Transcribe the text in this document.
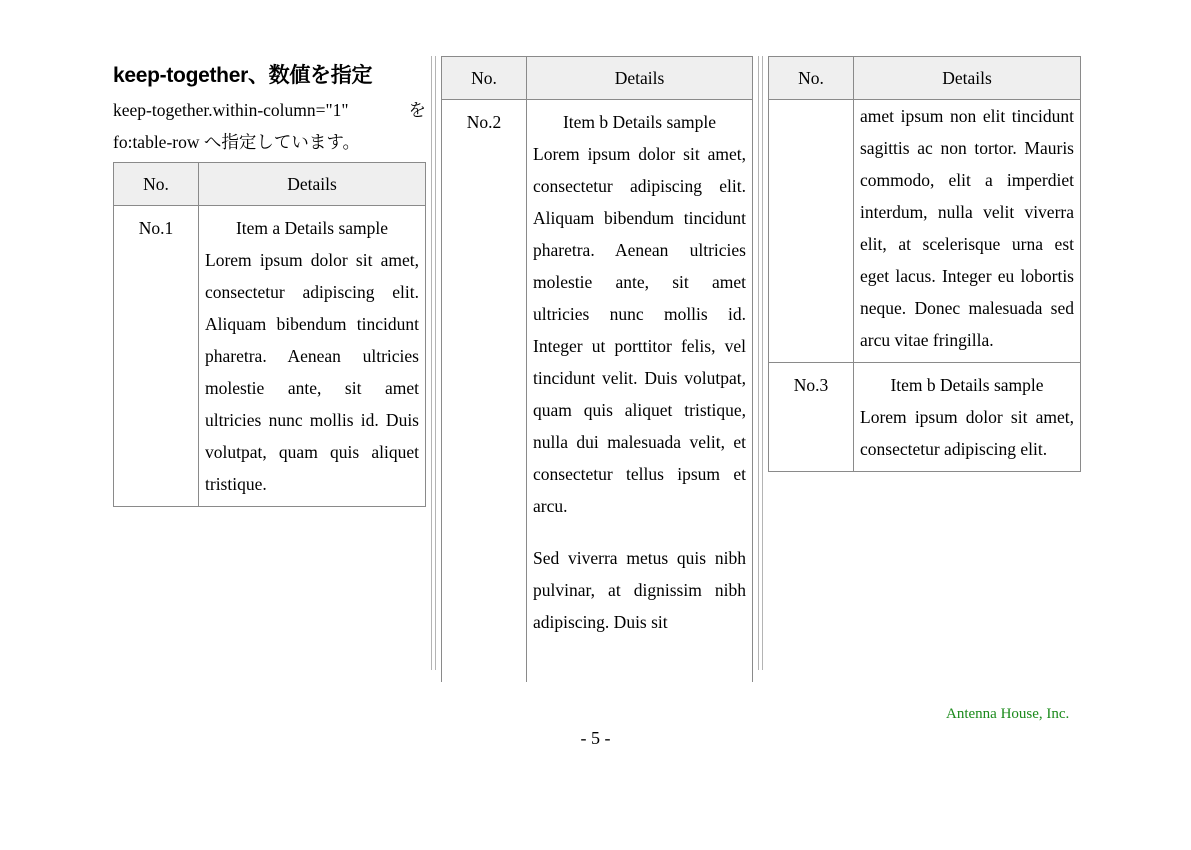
keep-together、数値を指定
keep-together.within-column="1"	を
fo:table-row へ指定しています。
No.	Details
No.1	Item a Details sample

Lorem ipsum dolor sit amet, consectetur adipiscing elit. Aliquam bibendum tincidunt pharetra. Aenean ultricies molestie ante, sit amet ultricies nunc mollis id. Duis volutpat, quam quis aliquet tristique.

No.	Details
No.2	Item b Details sample

Lorem ipsum dolor sit amet, consectetur adipiscing elit. Aliquam bibendum tincidunt pharetra. Aenean ultricies molestie ante, sit amet ultricies nunc mollis id. Integer ut porttitor felis, vel tincidunt velit. Duis volutpat, quam quis aliquet tristique, nulla dui malesuada velit, et consectetur tellus ipsum et arcu.

Sed viverra metus quis nibh pulvinar, at dignissim nibh adipiscing. Duis sit

No.	Details

	amet ipsum non elit tincidunt sagittis ac non tortor. Mauris commodo, elit a imperdiet interdum, nulla velit viverra elit, at scelerisque urna est eget lacus. Integer eu lobortis neque. Donec malesuada sed arcu vitae fringilla.

No.3	Item b Details sample

Lorem ipsum dolor sit amet, consectetur adipiscing elit.

Antenna House, Inc.
- 5 -
